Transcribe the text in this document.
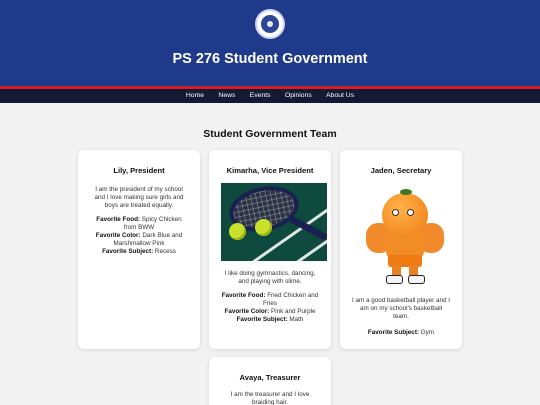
PS 276 Student Government
Home News Events Opinions About Us
Student Government Team
Lily, President
I am the president of my school and I love making sure girls and boys are treated equally.
Favorite Food: Spicy Chicken from BWW
Favorite Color: Dark Blue and Marshmallow Pink
Favorite Subject: Recess
Kimarha, Vice President
I like doing gymnastics, dancing, and playing with slime.
Favorite Food: Fried Chicken and Fries
Favorite Color: Pink and Purple
Favorite Subject: Math
Jaden, Secretary
I am a good basketball player and I am on my school's basketball team.
Favorite Subject: Gym
Avaya, Treasurer
I am the treasurer and I love braiding hair.
